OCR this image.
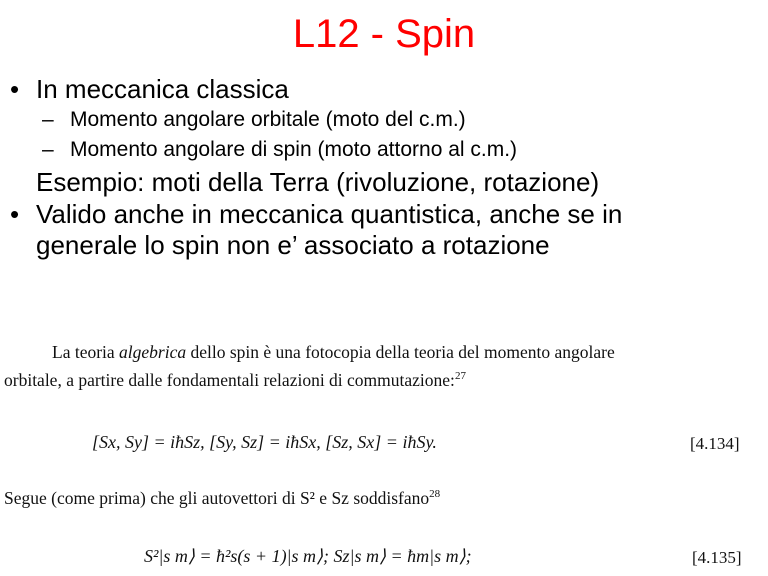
L12 - Spin
• In meccanica classica
– Momento angolare orbitale (moto del c.m.)
– Momento angolare di spin (moto attorno al c.m.)
Esempio: moti della Terra (rivoluzione, rotazione)
• Valido anche in meccanica quantistica, anche se in
generale lo spin non e’ associato a rotazione
La teoria algebrica dello spin è una fotocopia della teoria del momento angolare
orbitale, a partire dalle fondamentali relazioni di commutazione:$^{27}$
[Sx, Sy] = iħSz, [Sy, Sz] = iħSx, [Sz, Sx] = iħSy.	[4.134]
Segue (come prima) che gli autovettori di S² e Sz soddisfano$^{28}$
S²|s m⟩ = ħ²s(s + 1)|s m⟩; Sz|s m⟩ = ħm|s m⟩;	[4.135]
